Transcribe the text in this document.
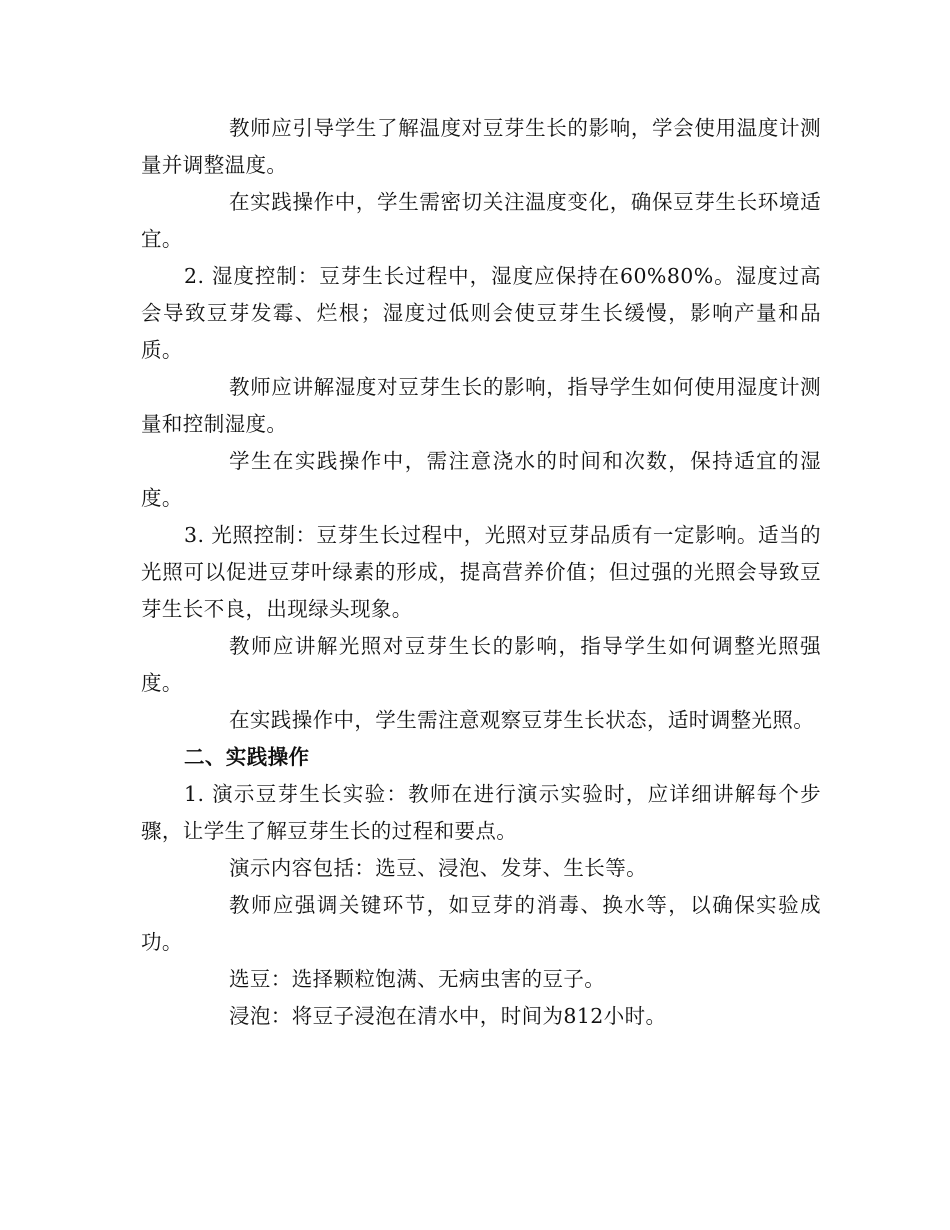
教师应引导学生了解温度对豆芽生长的影响，学会使用温度计测量并调整温度。

在实践操作中，学生需密切关注温度变化，确保豆芽生长环境适宜。

2. 湿度控制：豆芽生长过程中，湿度应保持在60%80%。湿度过高会导致豆芽发霉、烂根；湿度过低则会使豆芽生长缓慢，影响产量和品质。

教师应讲解湿度对豆芽生长的影响，指导学生如何使用湿度计测量和控制湿度。

学生在实践操作中，需注意浇水的时间和次数，保持适宜的湿度。

3. 光照控制：豆芽生长过程中，光照对豆芽品质有一定影响。适当的光照可以促进豆芽叶绿素的形成，提高营养价值；但过强的光照会导致豆芽生长不良，出现绿头现象。

教师应讲解光照对豆芽生长的影响，指导学生如何调整光照强度。

在实践操作中，学生需注意观察豆芽生长状态，适时调整光照。

二、实践操作

1. 演示豆芽生长实验：教师在进行演示实验时，应详细讲解每个步骤，让学生了解豆芽生长的过程和要点。

演示内容包括：选豆、浸泡、发芽、生长等。

教师应强调关键环节，如豆芽的消毒、换水等，以确保实验成功。

选豆：选择颗粒饱满、无病虫害的豆子。

浸泡：将豆子浸泡在清水中，时间为812小时。
